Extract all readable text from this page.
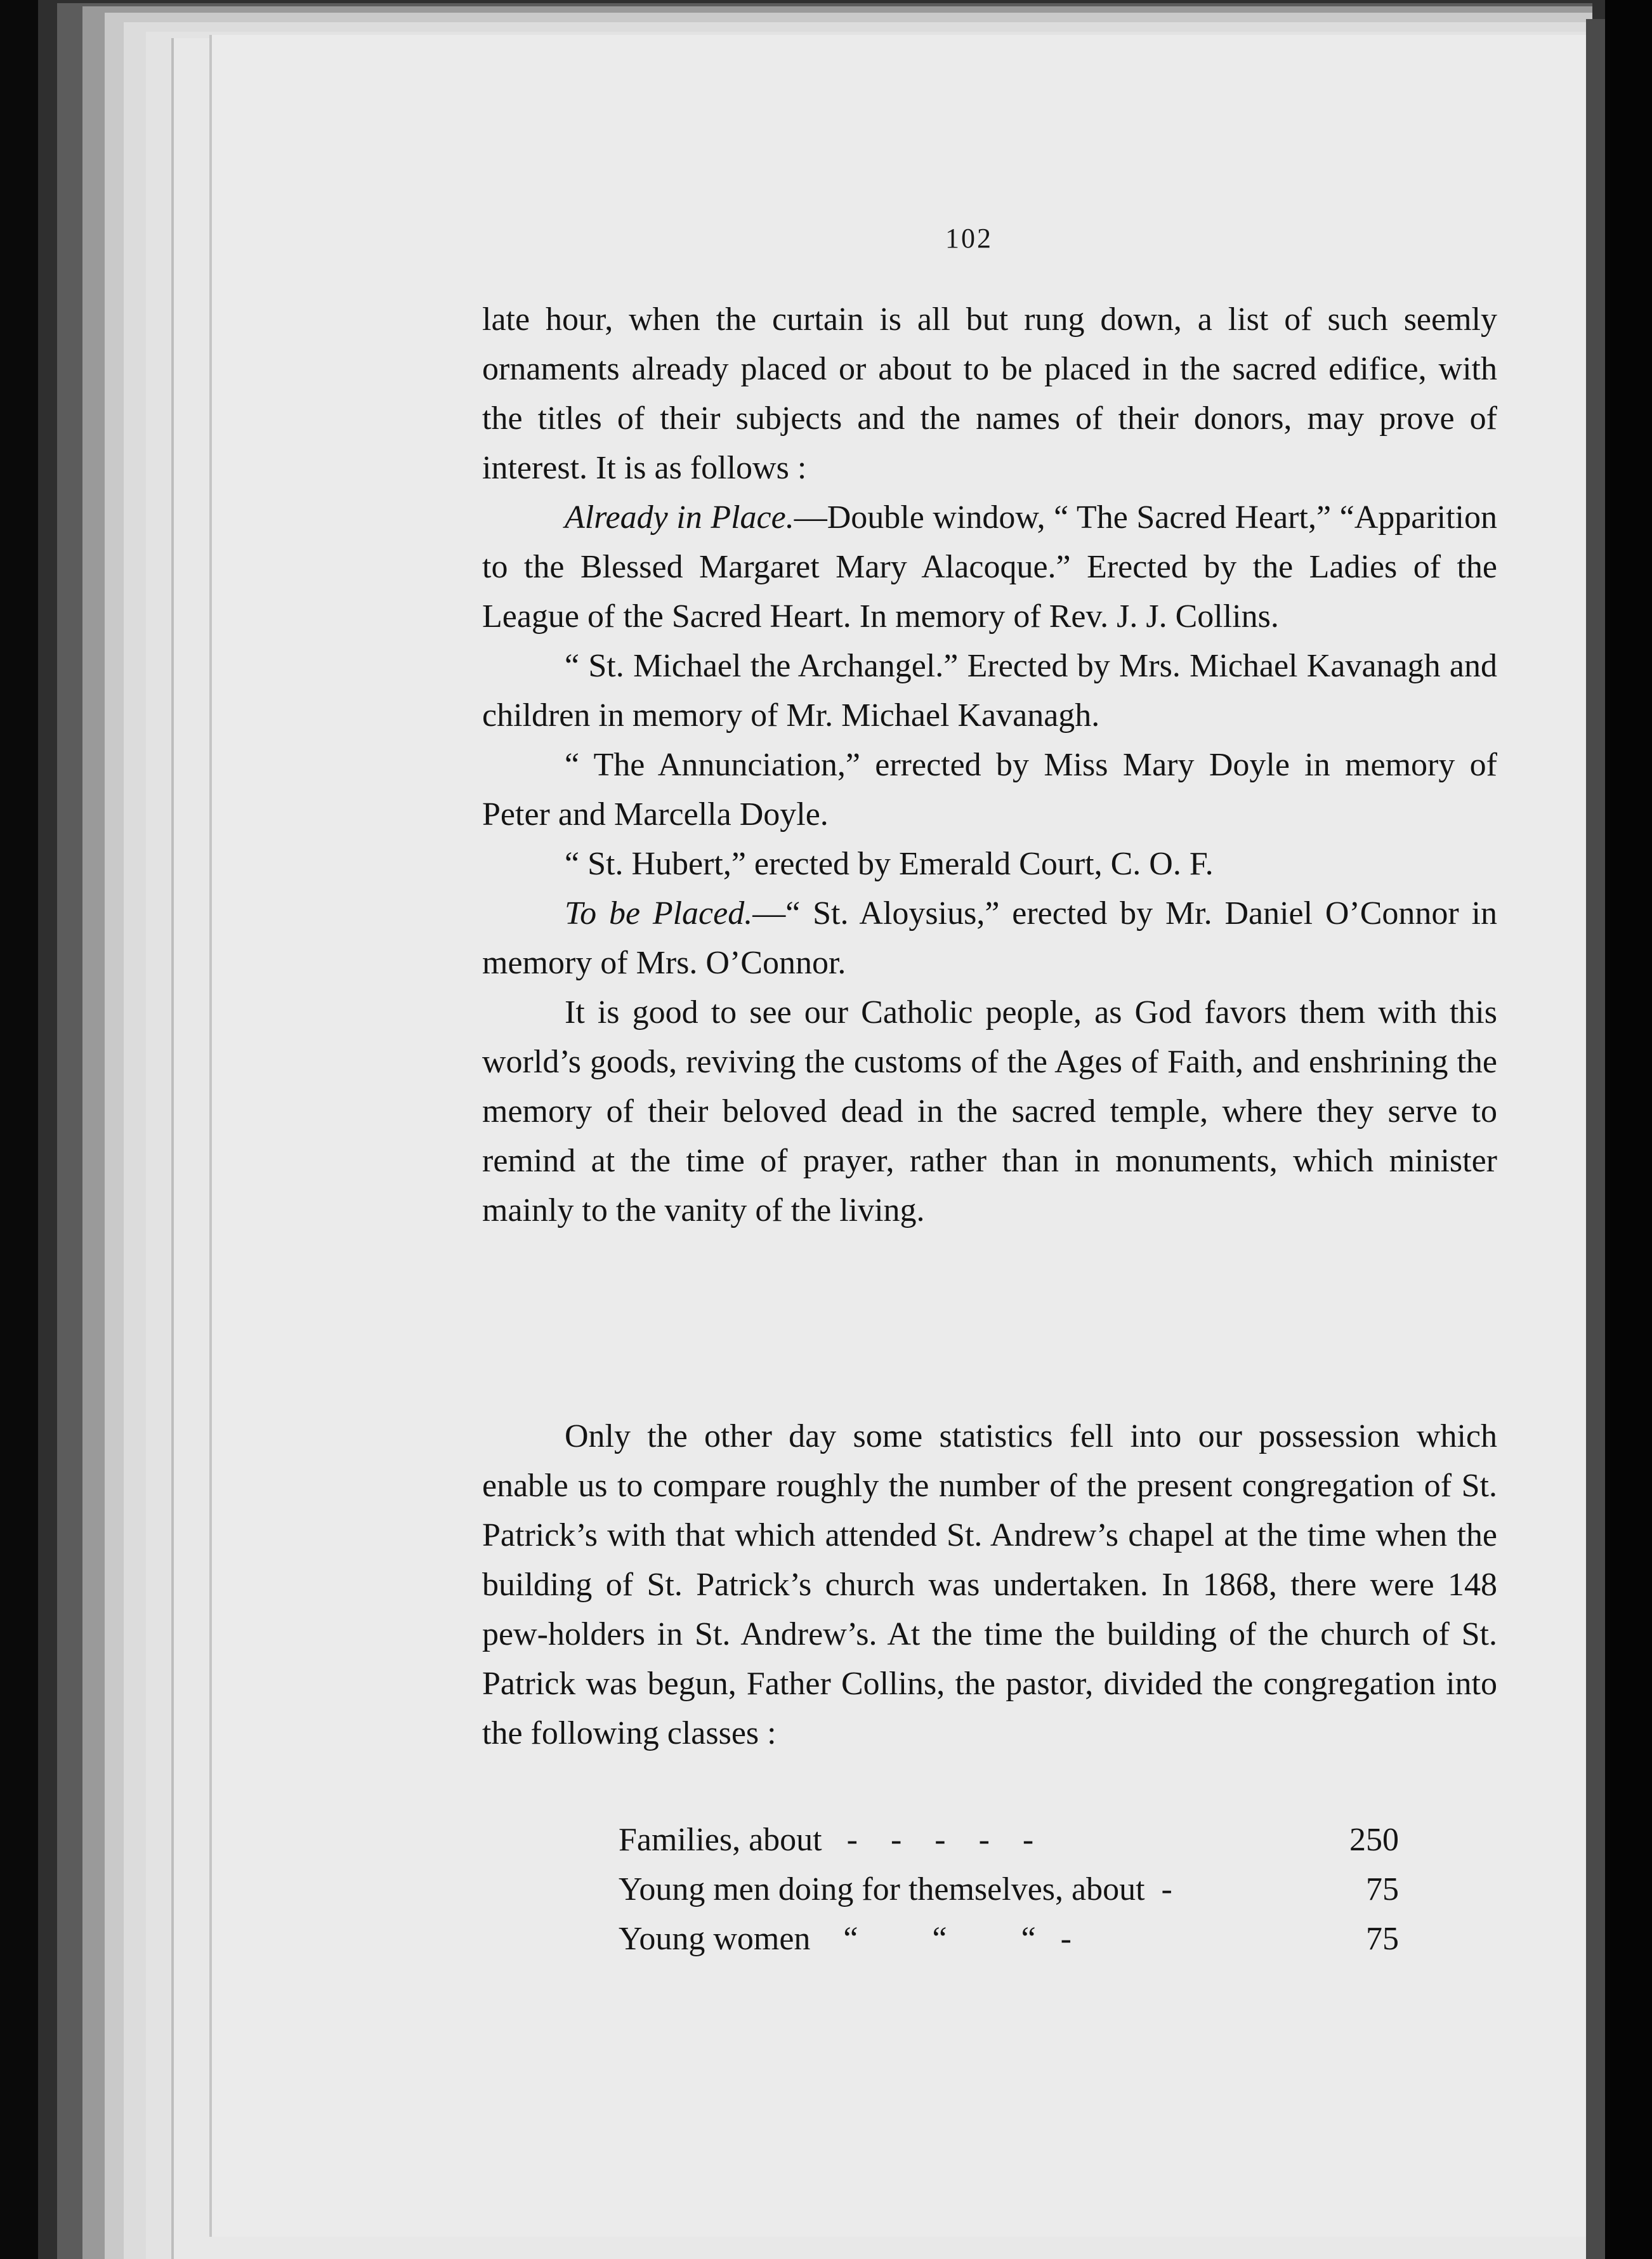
102

late hour, when the curtain is all but rung down, a list of such seemly ornaments already placed or about to be placed in the sacred edifice, with the titles of their subjects and the names of their donors, may prove of interest. It is as follows :

Already in Place.—Double window, “ The Sacred Heart,” “Apparition to the Blessed Margaret Mary Alacoque.” Erected by the Ladies of the League of the Sacred Heart. In memory of Rev. J. J. Collins.

“ St. Michael the Archangel.” Erected by Mrs. Michael Kavanagh and children in memory of Mr. Michael Kavanagh.

“ The Annunciation,” errected by Miss Mary Doyle in memory of Peter and Marcella Doyle.

“ St. Hubert,” erected by Emerald Court, C. O. F.

To be Placed.—“ St. Aloysius,” erected by Mr. Daniel O’Connor in memory of Mrs. O’Connor.

It is good to see our Catholic people, as God favors them with this world’s goods, reviving the customs of the Ages of Faith, and enshrining the memory of their beloved dead in the sacred temple, where they serve to remind at the time of prayer, rather than in monuments, which minister mainly to the vanity of the living.

Only the other day some statistics fell into our possession which enable us to compare roughly the number of the present congregation of St. Patrick’s with that which attended St. Andrew’s chapel at the time when the building of St. Patrick’s church was undertaken. In 1868, there were 148 pew-holders in St. Andrew’s. At the time the building of the church of St. Patrick was begun, Father Collins, the pastor, divided the congregation into the following classes :

Families, about   -    -    -    -    -	250
Young men doing for themselves, about  -	75
Young women    “         “         “   -	75
